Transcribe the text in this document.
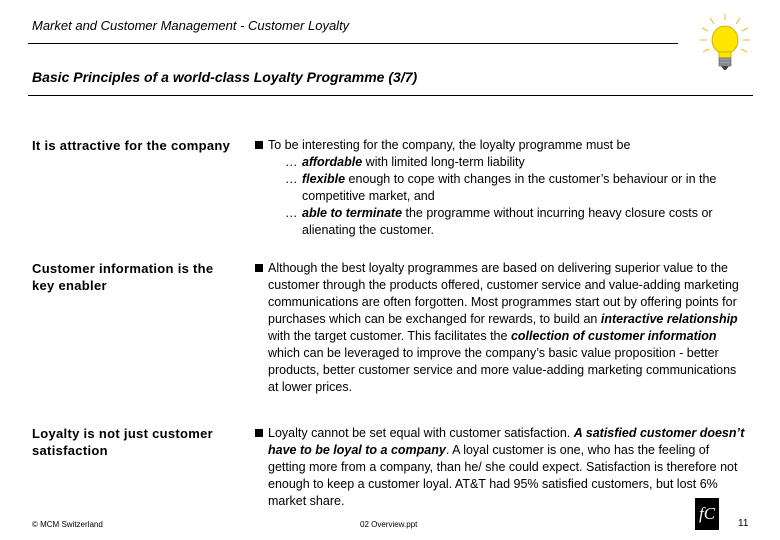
Market and Customer Management - Customer Loyalty
Basic Principles of a world-class Loyalty Programme (3/7)
It is attractive for the company	To be interesting for the company, the loyalty programme must be
… affordable with limited long-term liability
… flexible enough to cope with changes in the customer’s behaviour or in the competitive market, and
… able to terminate the programme without incurring heavy closure costs or alienating the customer.
Customer information is the key enabler
Although the best loyalty programmes are based on delivering superior value to the customer through the products offered, customer service and value-adding marketing communications are often forgotten. Most programmes start out by offering points for purchases which can be exchanged for rewards, to build an interactive relationship with the target customer. This facilitates the collection of customer information which can be leveraged to improve the company’s basic value proposition - better products, better customer service and more value-adding marketing communications at lower prices.
Loyalty is not just customer satisfaction
Loyalty cannot be set equal with customer satisfaction. A satisfied customer doesn’t have to be loyal to a company. A loyal customer is one, who has the feeling of getting more from a company, than he/ she could expect. Satisfaction is therefore not enough to keep a customer loyal. AT&T had 95% satisfied customers, but lost 6% market share.
© MCM Switzerland	02 Overview.ppt
fC
11
